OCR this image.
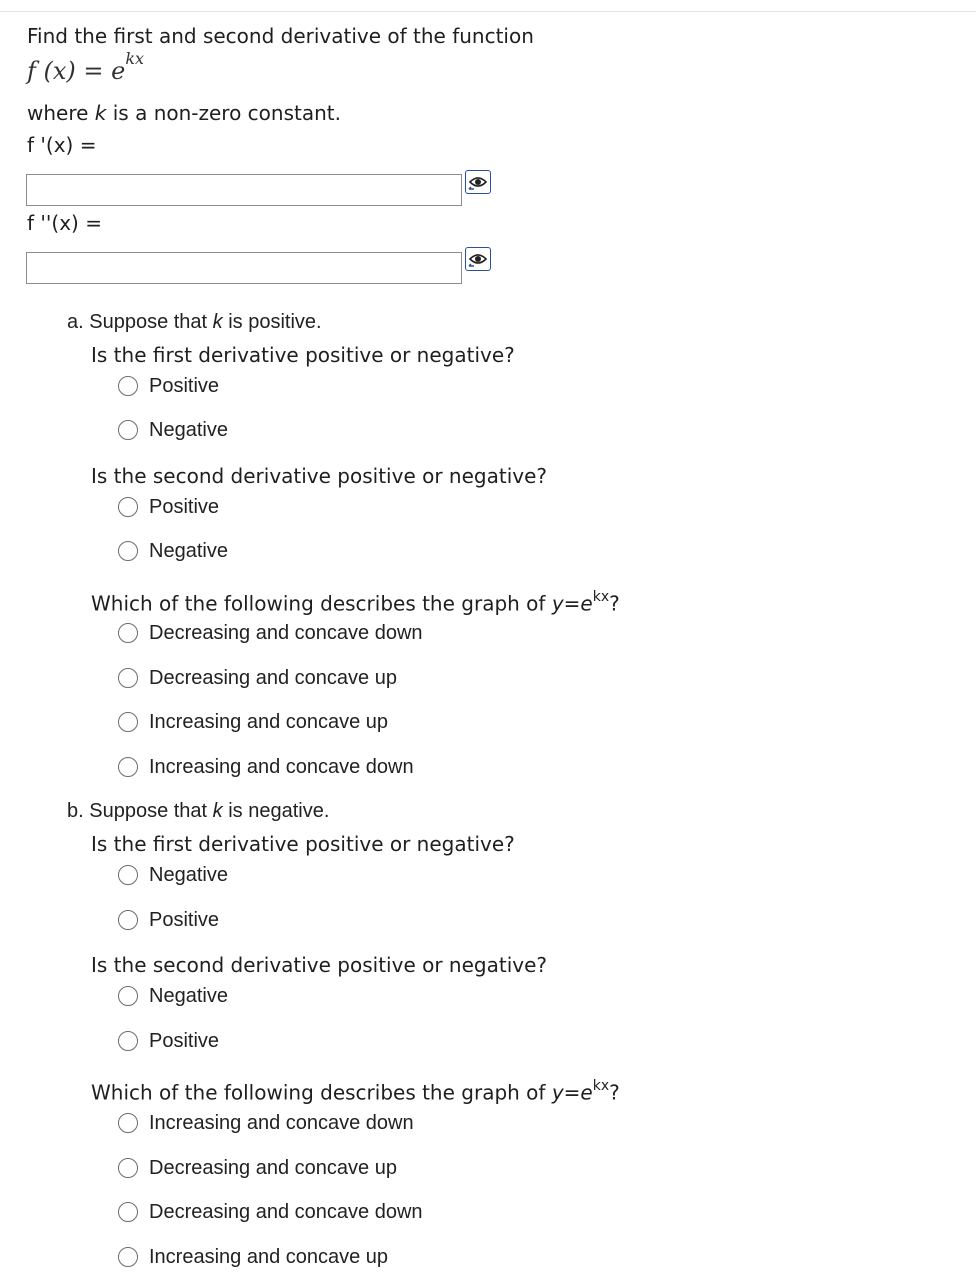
Find the first and second derivative of the function
f $(x) = e^{kx}$
where k is a non-zero constant.
f '(x) =
f ''(x) =
a. Suppose that k is positive.
Is the first derivative positive or negative?
Positive
Negative
Is the second derivative positive or negative?
Positive
Negative
Which of the following describes the graph of $y=e^{kx}$?
Decreasing and concave down
Decreasing and concave up
Increasing and concave up
Increasing and concave down
b. Suppose that k is negative.
Is the first derivative positive or negative?
Negative
Positive
Is the second derivative positive or negative?
Negative
Positive
Which of the following describes the graph of $y=e^{kx}$?
Increasing and concave down
Decreasing and concave up
Decreasing and concave down
Increasing and concave up
